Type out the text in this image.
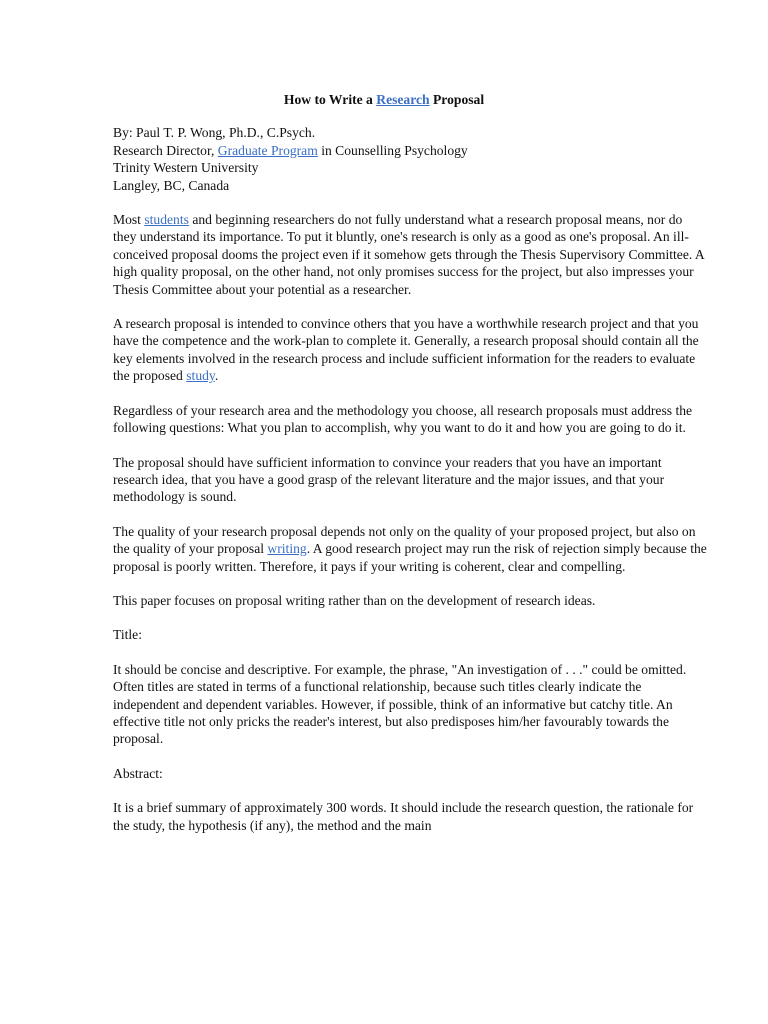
How to Write a Research Proposal
By: Paul T. P. Wong, Ph.D., C.Psych.
Research Director, Graduate Program in Counselling Psychology
Trinity Western University
Langley, BC, Canada
Most students and beginning researchers do not fully understand what a research proposal means, nor do they understand its importance. To put it bluntly, one's research is only as a good as one's proposal. An ill-conceived proposal dooms the project even if it somehow gets through the Thesis Supervisory Committee. A high quality proposal, on the other hand, not only promises success for the project, but also impresses your Thesis Committee about your potential as a researcher.
A research proposal is intended to convince others that you have a worthwhile research project and that you have the competence and the work-plan to complete it. Generally, a research proposal should contain all the key elements involved in the research process and include sufficient information for the readers to evaluate the proposed study.
Regardless of your research area and the methodology you choose, all research proposals must address the following questions: What you plan to accomplish, why you want to do it and how you are going to do it.
The proposal should have sufficient information to convince your readers that you have an important research idea, that you have a good grasp of the relevant literature and the major issues, and that your methodology is sound.
The quality of your research proposal depends not only on the quality of your proposed project, but also on the quality of your proposal writing. A good research project may run the risk of rejection simply because the proposal is poorly written. Therefore, it pays if your writing is coherent, clear and compelling.
This paper focuses on proposal writing rather than on the development of research ideas.
Title:
It should be concise and descriptive. For example, the phrase, "An investigation of . . ." could be omitted. Often titles are stated in terms of a functional relationship, because such titles clearly indicate the independent and dependent variables. However, if possible, think of an informative but catchy title. An effective title not only pricks the reader's interest, but also predisposes him/her favourably towards the proposal.
Abstract:
It is a brief summary of approximately 300 words. It should include the research question, the rationale for the study, the hypothesis (if any), the method and the main
